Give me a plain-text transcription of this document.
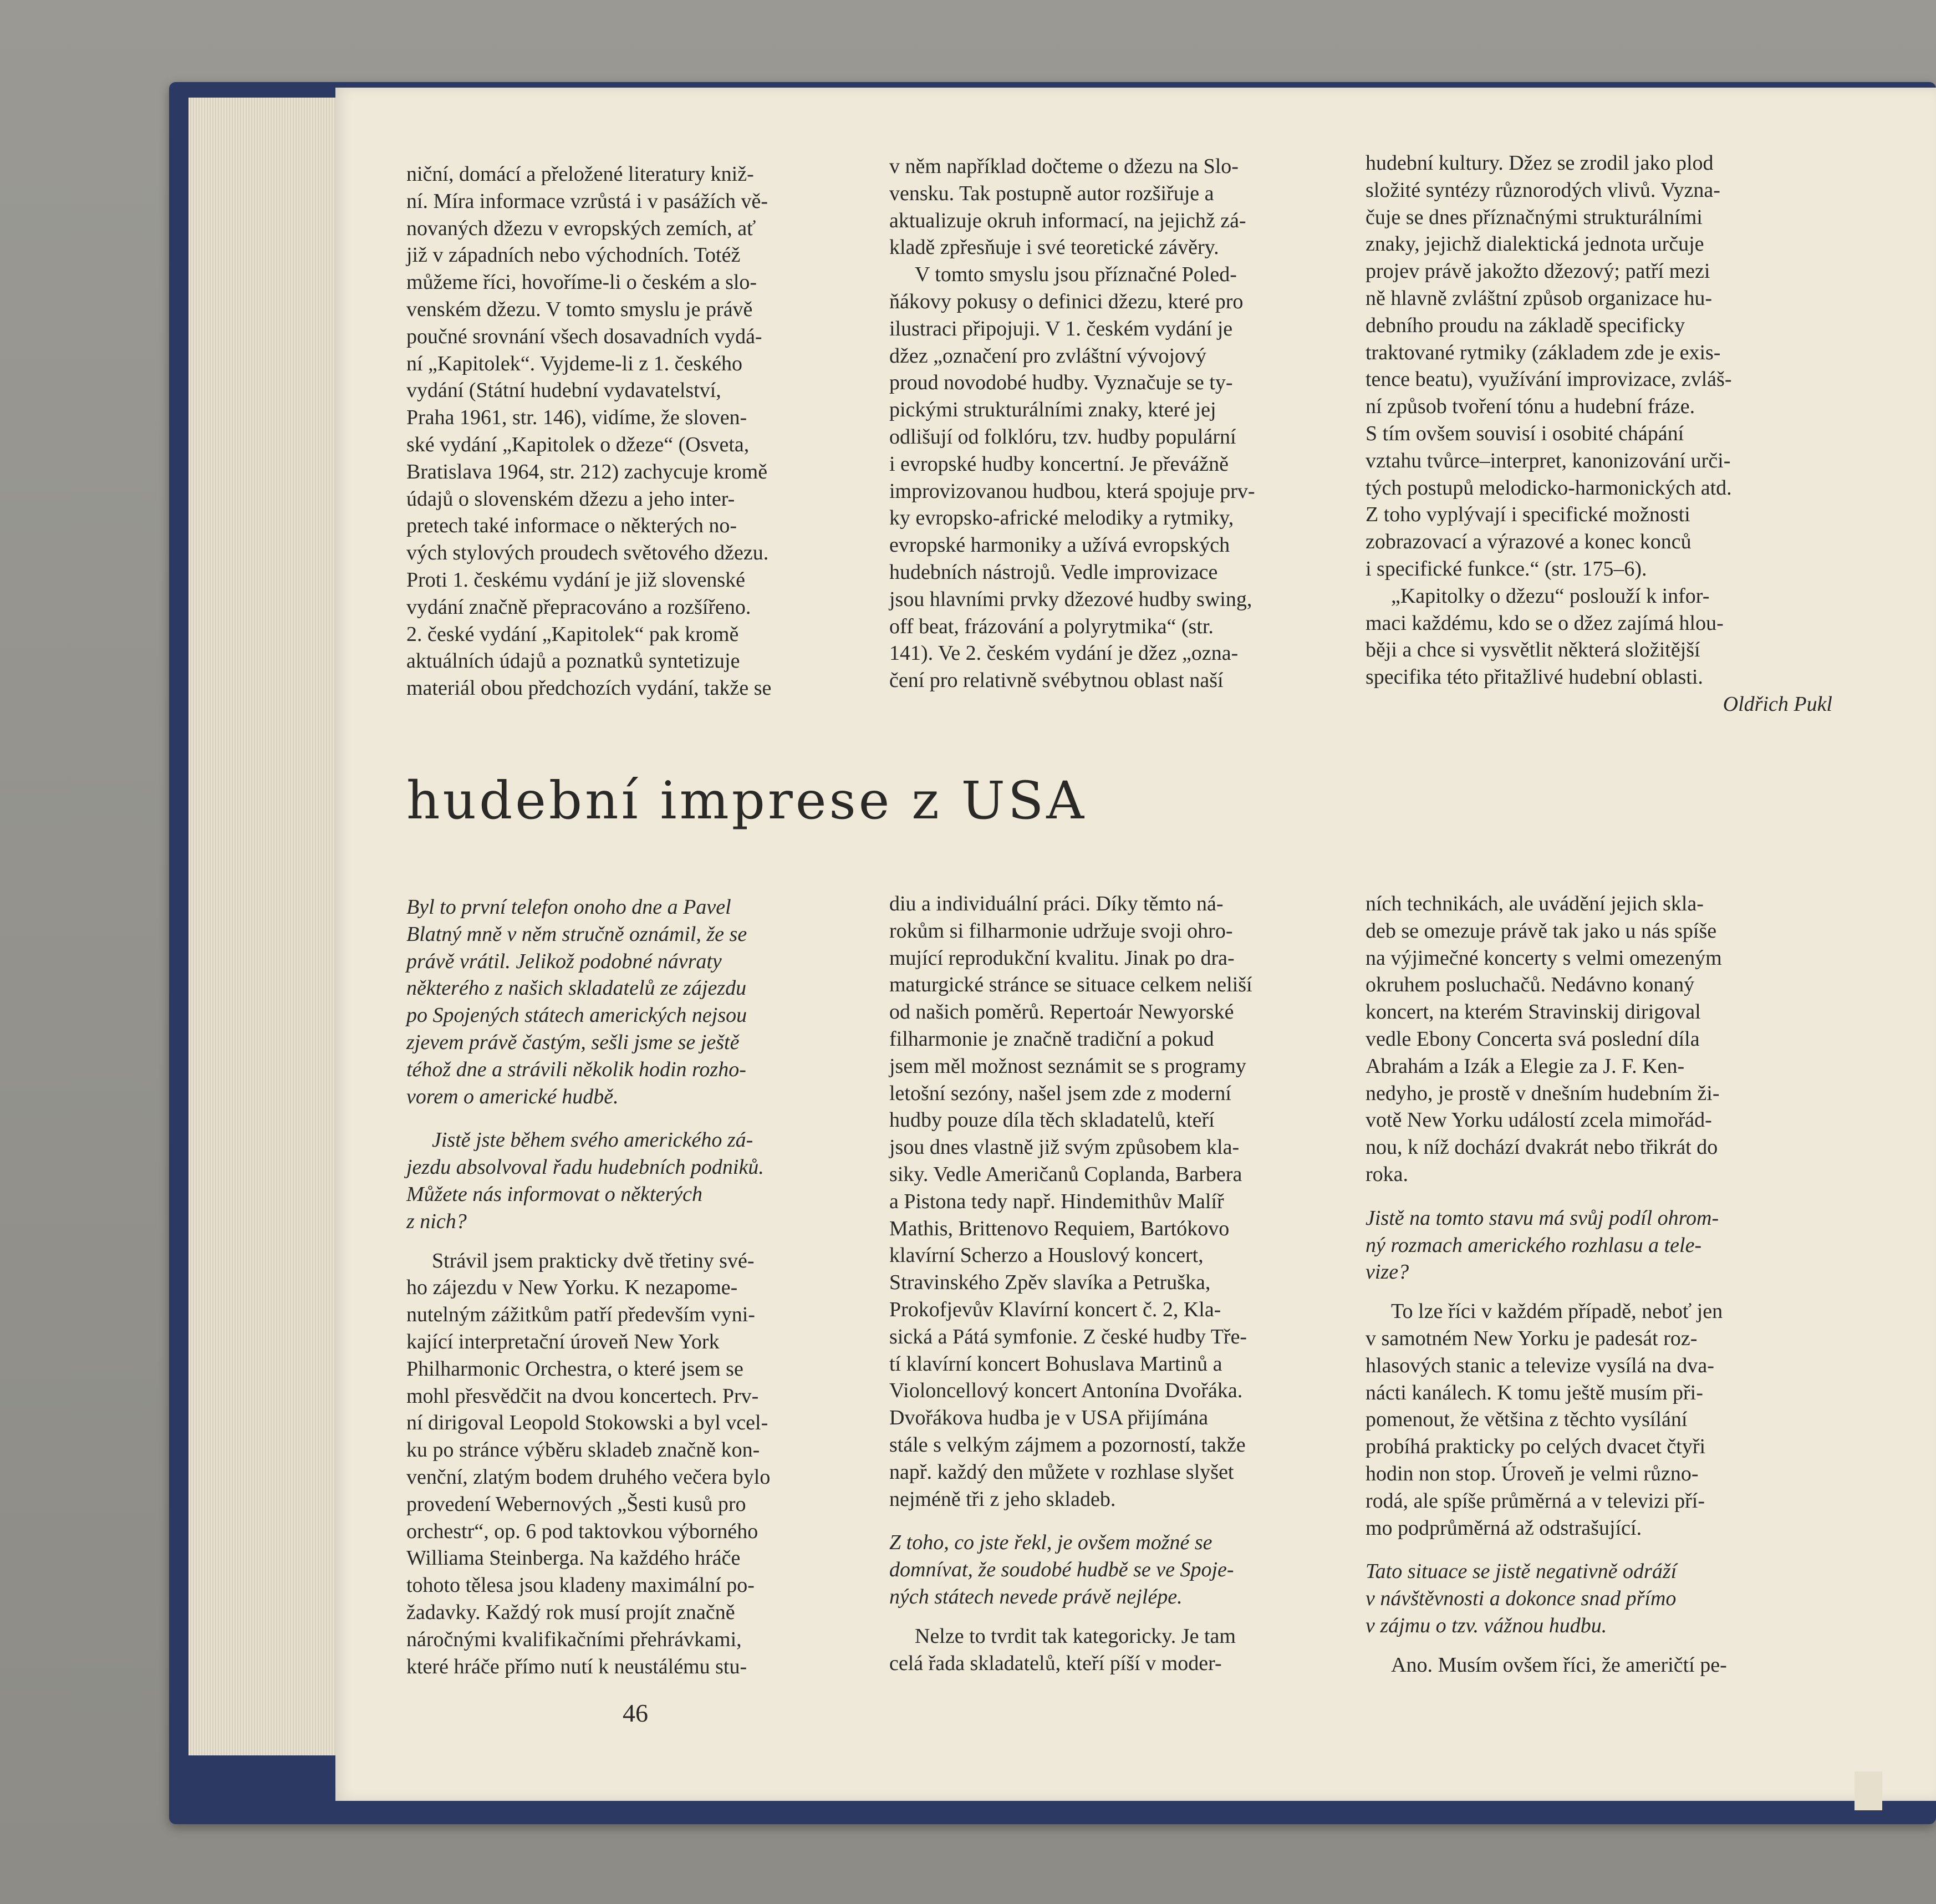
niční, domácí a přeložené literatury kniž-
ní. Míra informace vzrůstá i v pasážích vě-
novaných džezu v evropských zemích, ať
již v západních nebo východních. Totéž
můžeme říci, hovoříme-li o českém a slo-
venském džezu. V tomto smyslu je právě
poučné srovnání všech dosavadních vydá-
ní „Kapitolek“. Vyjdeme-li z 1. českého
vydání (Státní hudební vydavatelství,
Praha 1961, str. 146), vidíme, že sloven-
ské vydání „Kapitolek o džeze“ (Osveta,
Bratislava 1964, str. 212) zachycuje kromě
údajů o slovenském džezu a jeho inter-
pretech také informace o některých no-
vých stylových proudech světového džezu.
Proti 1. českému vydání je již slovenské
vydání značně přepracováno a rozšířeno.
2. české vydání „Kapitolek“ pak kromě
aktuálních údajů a poznatků syntetizuje
materiál obou předchozích vydání, takže se

v něm například dočteme o džezu na Slo-
vensku. Tak postupně autor rozšiřuje a
aktualizuje okruh informací, na jejichž zá-
kladě zpřesňuje i své teoretické závěry.

V tomto smyslu jsou příznačné Poled-
ňákovy pokusy o definici džezu, které pro
ilustraci připojuji. V 1. českém vydání je
džez „označení pro zvláštní vývojový
proud novodobé hudby. Vyznačuje se ty-
pickými strukturálními znaky, které jej
odlišují od folklóru, tzv. hudby populární
i evropské hudby koncertní. Je převážně
improvizovanou hudbou, která spojuje prv-
ky evropsko-africké melodiky a rytmiky,
evropské harmoniky a užívá evropských
hudebních nástrojů. Vedle improvizace
jsou hlavními prvky džezové hudby swing,
off beat, frázování a polyrytmika“ (str.
141). Ve 2. českém vydání je džez „ozna-
čení pro relativně svébytnou oblast naší

hudební kultury. Džez se zrodil jako plod
složité syntézy různorodých vlivů. Vyzna-
čuje se dnes příznačnými strukturálními
znaky, jejichž dialektická jednota určuje
projev právě jakožto džezový; patří mezi
ně hlavně zvláštní způsob organizace hu-
debního proudu na základě specificky
traktované rytmiky (základem zde je exis-
tence beatu), využívání improvizace, zvláš-
ní způsob tvoření tónu a hudební fráze.
S tím ovšem souvisí i osobité chápání
vztahu tvůrce–interpret, kanonizování urči-
tých postupů melodicko-harmonických atd.
Z toho vyplývají i specifické možnosti
zobrazovací a výrazové a konec konců
i specifické funkce.“ (str. 175–6).

„Kapitolky o džezu“ poslouží k infor-
maci každému, kdo se o džez zajímá hlou-
běji a chce si vysvětlit některá složitější
specifika této přitažlivé hudební oblasti.

Oldřich Pukl

hudební imprese z USA

Byl to první telefon onoho dne a Pavel
Blatný mně v něm stručně oznámil, že se
právě vrátil. Jelikož podobné návraty
některého z našich skladatelů ze zájezdu
po Spojených státech amerických nejsou
zjevem právě častým, sešli jsme se ještě
téhož dne a strávili několik hodin rozho-
vorem o americké hudbě.

Jistě jste během svého amerického zá-
jezdu absolvoval řadu hudebních podniků.
Můžete nás informovat o některých
z nich?

Strávil jsem prakticky dvě třetiny své-
ho zájezdu v New Yorku. K nezapome-
nutelným zážitkům patří především vyni-
kající interpretační úroveň New York
Philharmonic Orchestra, o které jsem se
mohl přesvědčit na dvou koncertech. Prv-
ní dirigoval Leopold Stokowski a byl vcel-
ku po stránce výběru skladeb značně kon-
venční, zlatým bodem druhého večera bylo
provedení Webernových „Šesti kusů pro
orchestr“, op. 6 pod taktovkou výborného
Williama Steinberga. Na každého hráče
tohoto tělesa jsou kladeny maximální po-
žadavky. Každý rok musí projít značně
náročnými kvalifikačními přehrávkami,
které hráče přímo nutí k neustálému stu-

diu a individuální práci. Díky těmto ná-
rokům si filharmonie udržuje svoji ohro-
mující reprodukční kvalitu. Jinak po dra-
maturgické stránce se situace celkem neliší
od našich poměrů. Repertoár Newyorské
filharmonie je značně tradiční a pokud
jsem měl možnost seznámit se s programy
letošní sezóny, našel jsem zde z moderní
hudby pouze díla těch skladatelů, kteří
jsou dnes vlastně již svým způsobem kla-
siky. Vedle Američanů Coplanda, Barbera
a Pistona tedy např. Hindemithův Malíř
Mathis, Brittenovo Requiem, Bartókovo
klavírní Scherzo a Houslový koncert,
Stravinského Zpěv slavíka a Petruška,
Prokofjevův Klavírní koncert č. 2, Kla-
sická a Pátá symfonie. Z české hudby Tře-
tí klavírní koncert Bohuslava Martinů a
Violoncellový koncert Antonína Dvořáka.
Dvořákova hudba je v USA přijímána
stále s velkým zájmem a pozorností, takže
např. každý den můžete v rozhlase slyšet
nejméně tři z jeho skladeb.

Z toho, co jste řekl, je ovšem možné se
domnívat, že soudobé hudbě se ve Spoje-
ných státech nevede právě nejlépe.

Nelze to tvrdit tak kategoricky. Je tam
celá řada skladatelů, kteří píší v moder-

ních technikách, ale uvádění jejich skla-
deb se omezuje právě tak jako u nás spíše
na výjimečné koncerty s velmi omezeným
okruhem posluchačů. Nedávno konaný
koncert, na kterém Stravinskij dirigoval
vedle Ebony Concerta svá poslední díla
Abrahám a Izák a Elegie za J. F. Ken-
nedyho, je prostě v dnešním hudebním ži-
votě New Yorku událostí zcela mimořád-
nou, k níž dochází dvakrát nebo třikrát do
roka.

Jistě na tomto stavu má svůj podíl ohrom-
ný rozmach amerického rozhlasu a tele-
vize?

To lze říci v každém případě, neboť jen
v samotném New Yorku je padesát roz-
hlasových stanic a televize vysílá na dva-
nácti kanálech. K tomu ještě musím při-
pomenout, že většina z těchto vysílání
probíhá prakticky po celých dvacet čtyři
hodin non stop. Úroveň je velmi různo-
rodá, ale spíše průměrná a v televizi pří-
mo podprůměrná až odstrašující.

Tato situace se jistě negativně odráží
v návštěvnosti a dokonce snad přímo
v zájmu o tzv. vážnou hudbu.

Ano. Musím ovšem říci, že američtí pe-

46
